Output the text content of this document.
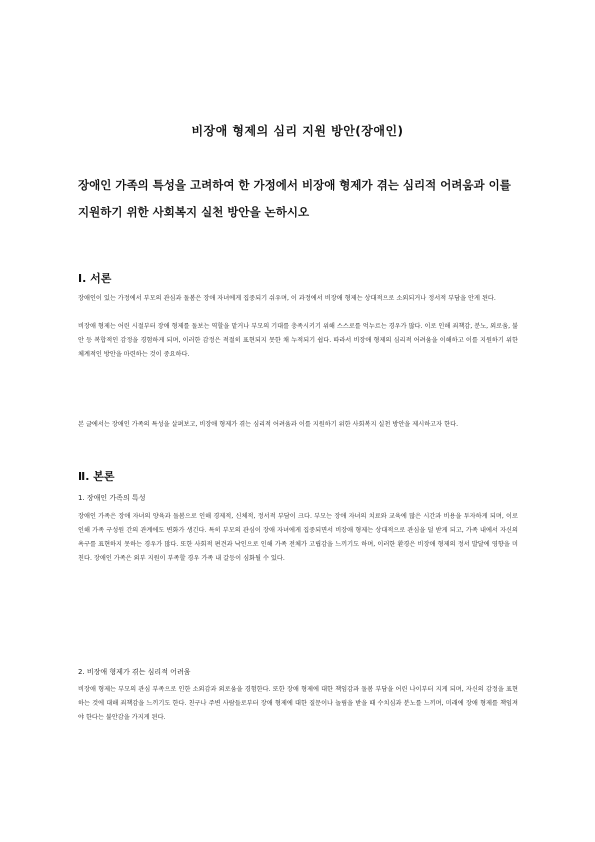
비장애 형제의 심리 지원 방안(장애인)
장애인 가족의 특성을 고려하여 한 가정에서 비장애 형제가 겪는 심리적 어려움과 이를 지원하기 위한 사회복지 실천 방안을 논하시오
Ⅰ. 서론
장애인이 있는 가정에서 부모의 관심과 돌봄은 장애 자녀에게 집중되기 쉬우며, 이 과정에서 비장애 형제는 상대적으로 소외되거나 정서적 부담을 안게 된다.
비장애 형제는 어린 시절부터 장애 형제를 돌보는 역할을 맡거나 부모의 기대를 충족시키기 위해 스스로를 억누르는 경우가 많다. 이로 인해 죄책감, 분노, 외로움, 불안 등 복합적인 감정을 경험하게 되며, 이러한 감정은 적절히 표현되지 못한 채 누적되기 쉽다. 따라서 비장애 형제의 심리적 어려움을 이해하고 이를 지원하기 위한 체계적인 방안을 마련하는 것이 중요하다.
본 글에서는 장애인 가족의 특성을 살펴보고, 비장애 형제가 겪는 심리적 어려움과 이를 지원하기 위한 사회복지 실천 방안을 제시하고자 한다.
Ⅱ. 본론
1. 장애인 가족의 특성
장애인 가족은 장애 자녀의 양육과 돌봄으로 인해 경제적, 신체적, 정서적 부담이 크다. 부모는 장애 자녀의 치료와 교육에 많은 시간과 비용을 투자하게 되며, 이로 인해 가족 구성원 간의 관계에도 변화가 생긴다. 특히 부모의 관심이 장애 자녀에게 집중되면서 비장애 형제는 상대적으로 관심을 덜 받게 되고, 가족 내에서 자신의 욕구를 표현하지 못하는 경우가 많다. 또한 사회적 편견과 낙인으로 인해 가족 전체가 고립감을 느끼기도 하며, 이러한 환경은 비장애 형제의 정서 발달에 영향을 미친다. 장애인 가족은 외부 지원이 부족할 경우 가족 내 갈등이 심화될 수 있다.
2. 비장애 형제가 겪는 심리적 어려움
비장애 형제는 부모의 관심 부족으로 인한 소외감과 외로움을 경험한다. 또한 장애 형제에 대한 책임감과 돌봄 부담을 어린 나이부터 지게 되며, 자신의 감정을 표현하는 것에 대해 죄책감을 느끼기도 한다. 친구나 주변 사람들로부터 장애 형제에 대한 질문이나 놀림을 받을 때 수치심과 분노를 느끼며, 미래에 장애 형제를 책임져야 한다는 불안감을 가지게 된다.
